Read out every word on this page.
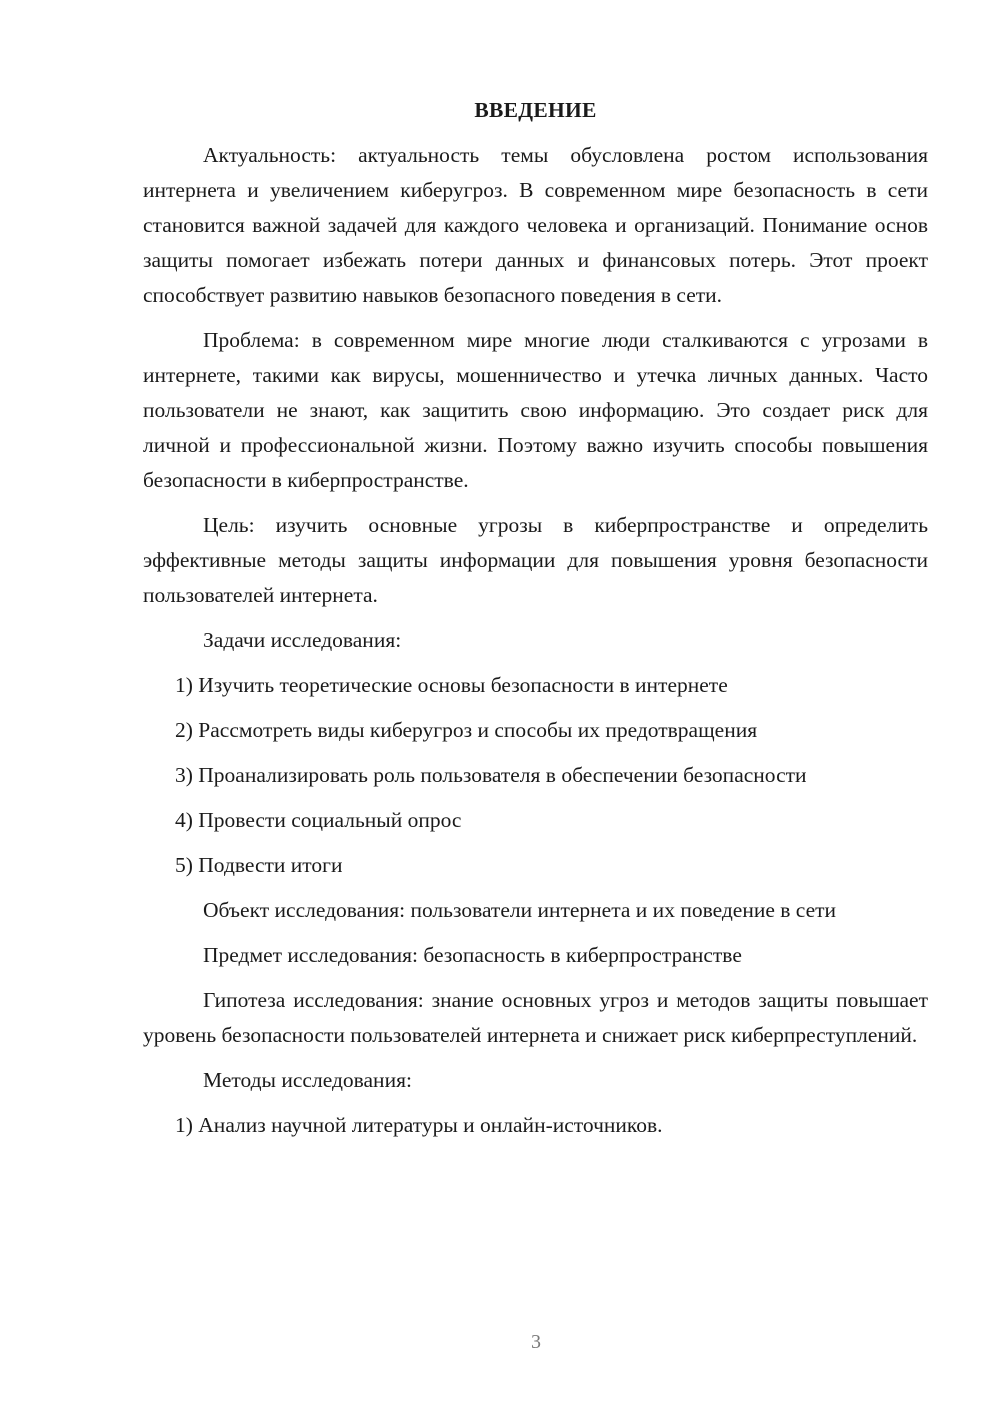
ВВЕДЕНИЕ

Актуальность: актуальность темы обусловлена ростом использования интернета и увеличением киберугроз. В современном мире безопасность в сети становится важной задачей для каждого человека и организаций. Понимание основ защиты помогает избежать потери данных и финансовых потерь. Этот проект способствует развитию навыков безопасного поведения в сети.

Проблема: в современном мире многие люди сталкиваются с угрозами в интернете, такими как вирусы, мошенничество и утечка личных данных. Часто пользователи не знают, как защитить свою информацию. Это создает риск для личной и профессиональной жизни. Поэтому важно изучить способы повышения безопасности в киберпространстве.

Цель: изучить основные угрозы в киберпространстве и определить эффективные методы защиты информации для повышения уровня безопасности пользователей интернета.

Задачи исследования:

1) Изучить теоретические основы безопасности в интернете

2) Рассмотреть виды киберугроз и способы их предотвращения

3) Проанализировать роль пользователя в обеспечении безопасности

4) Провести социальный опрос

5) Подвести итоги

Объект исследования: пользователи интернета и их поведение в сети

Предмет исследования: безопасность в киберпространстве

Гипотеза исследования: знание основных угроз и методов защиты повышает уровень безопасности пользователей интернета и снижает риск киберпреступлений.

Методы исследования:

1) Анализ научной литературы и онлайн-источников.

3
